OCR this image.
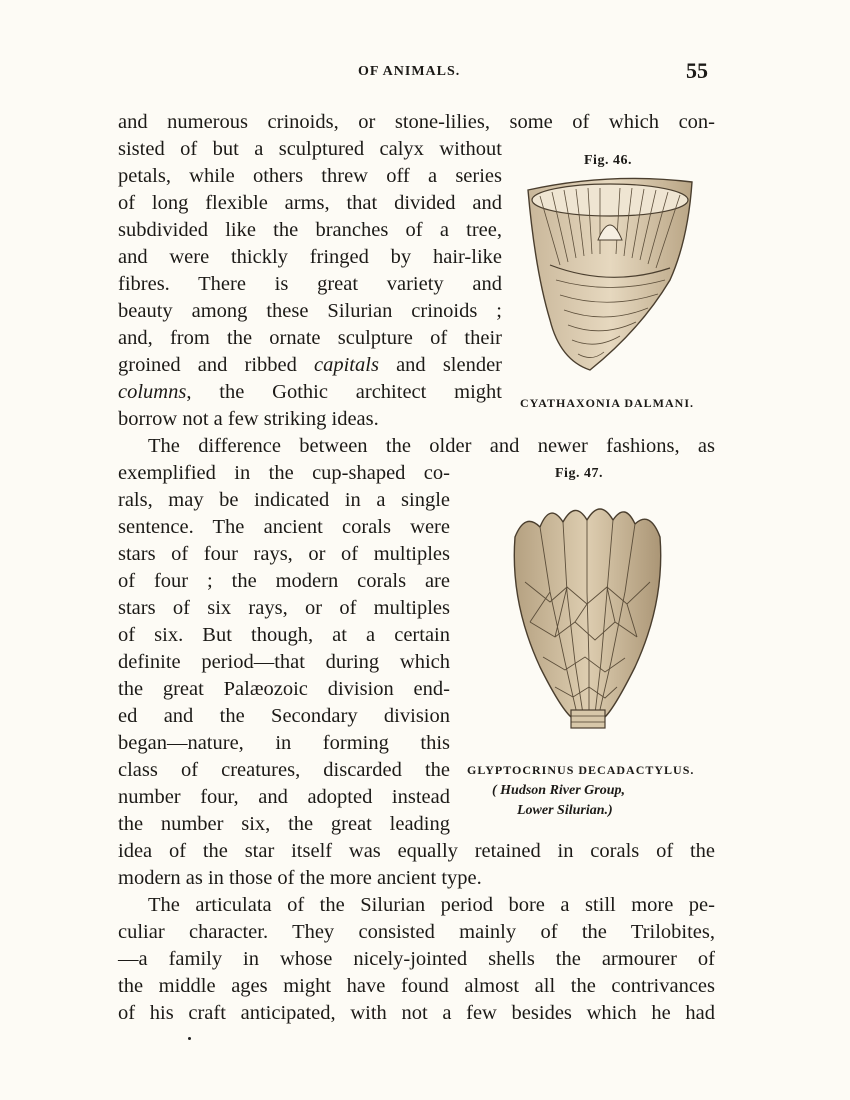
OF ANIMALS.	55
and numerous crinoids, or stone-lilies, some of which con-
sisted of but a sculptured calyx without
petals, while others threw off a series
of long flexible arms, that divided and
subdivided like the branches of a tree,
and were thickly fringed by hair-like
fibres. There is great variety and
beauty among these Silurian crinoids ;
and, from the ornate sculpture of their
groined and ribbed capitals and slender
columns, the Gothic architect might
borrow not a few striking ideas.
The difference between the older and newer fashions, as
exemplified in the cup-shaped co-
rals, may be indicated in a single
sentence. The ancient corals were
stars of four rays, or of multiples
of four ; the modern corals are
stars of six rays, or of multiples
of six. But though, at a certain
definite period—that during which
the great Palæozoic division end-
ed and the Secondary division
began—nature, in forming this
class of creatures, discarded the
number four, and adopted instead
the number six, the great leading
idea of the star itself was equally retained in corals of the
modern as in those of the more ancient type.
The articulata of the Silurian period bore a still more pe-
culiar character. They consisted mainly of the Trilobites,
—a family in whose nicely-jointed shells the armourer of
the middle ages might have found almost all the contrivances
of his craft anticipated, with not a few besides which he had
Fig. 46.
CYATHAXONIA DALMANI.
Fig. 47.
GLYPTOCRINUS DECADACTYLUS.
( Hudson River Group,
Lower Silurian.)
